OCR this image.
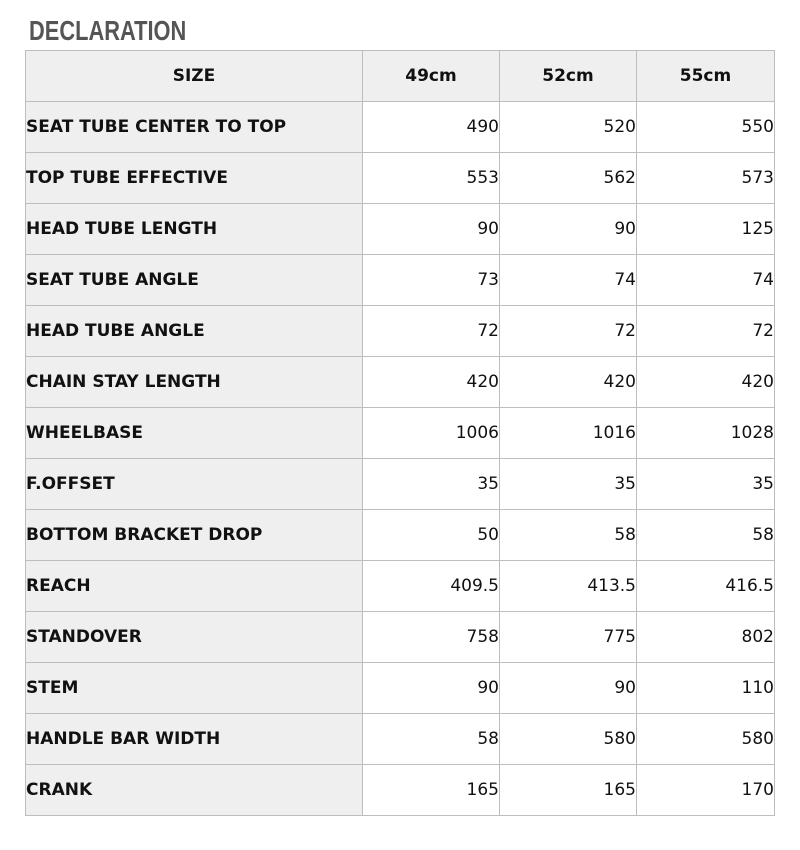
DECLARATION
SIZE	49cm	52cm	55cm
SEAT TUBE CENTER TO TOP	490	520	550
TOP TUBE EFFECTIVE	553	562	573
HEAD TUBE LENGTH	90	90	125
SEAT TUBE ANGLE	73	74	74
HEAD TUBE ANGLE	72	72	72
CHAIN STAY LENGTH	420	420	420
WHEELBASE	1006	1016	1028
F.OFFSET	35	35	35
BOTTOM BRACKET DROP	50	58	58
REACH	409.5	413.5	416.5
STANDOVER	758	775	802
STEM	90	90	110
HANDLE BAR WIDTH	58	580	580
CRANK	165	165	170
